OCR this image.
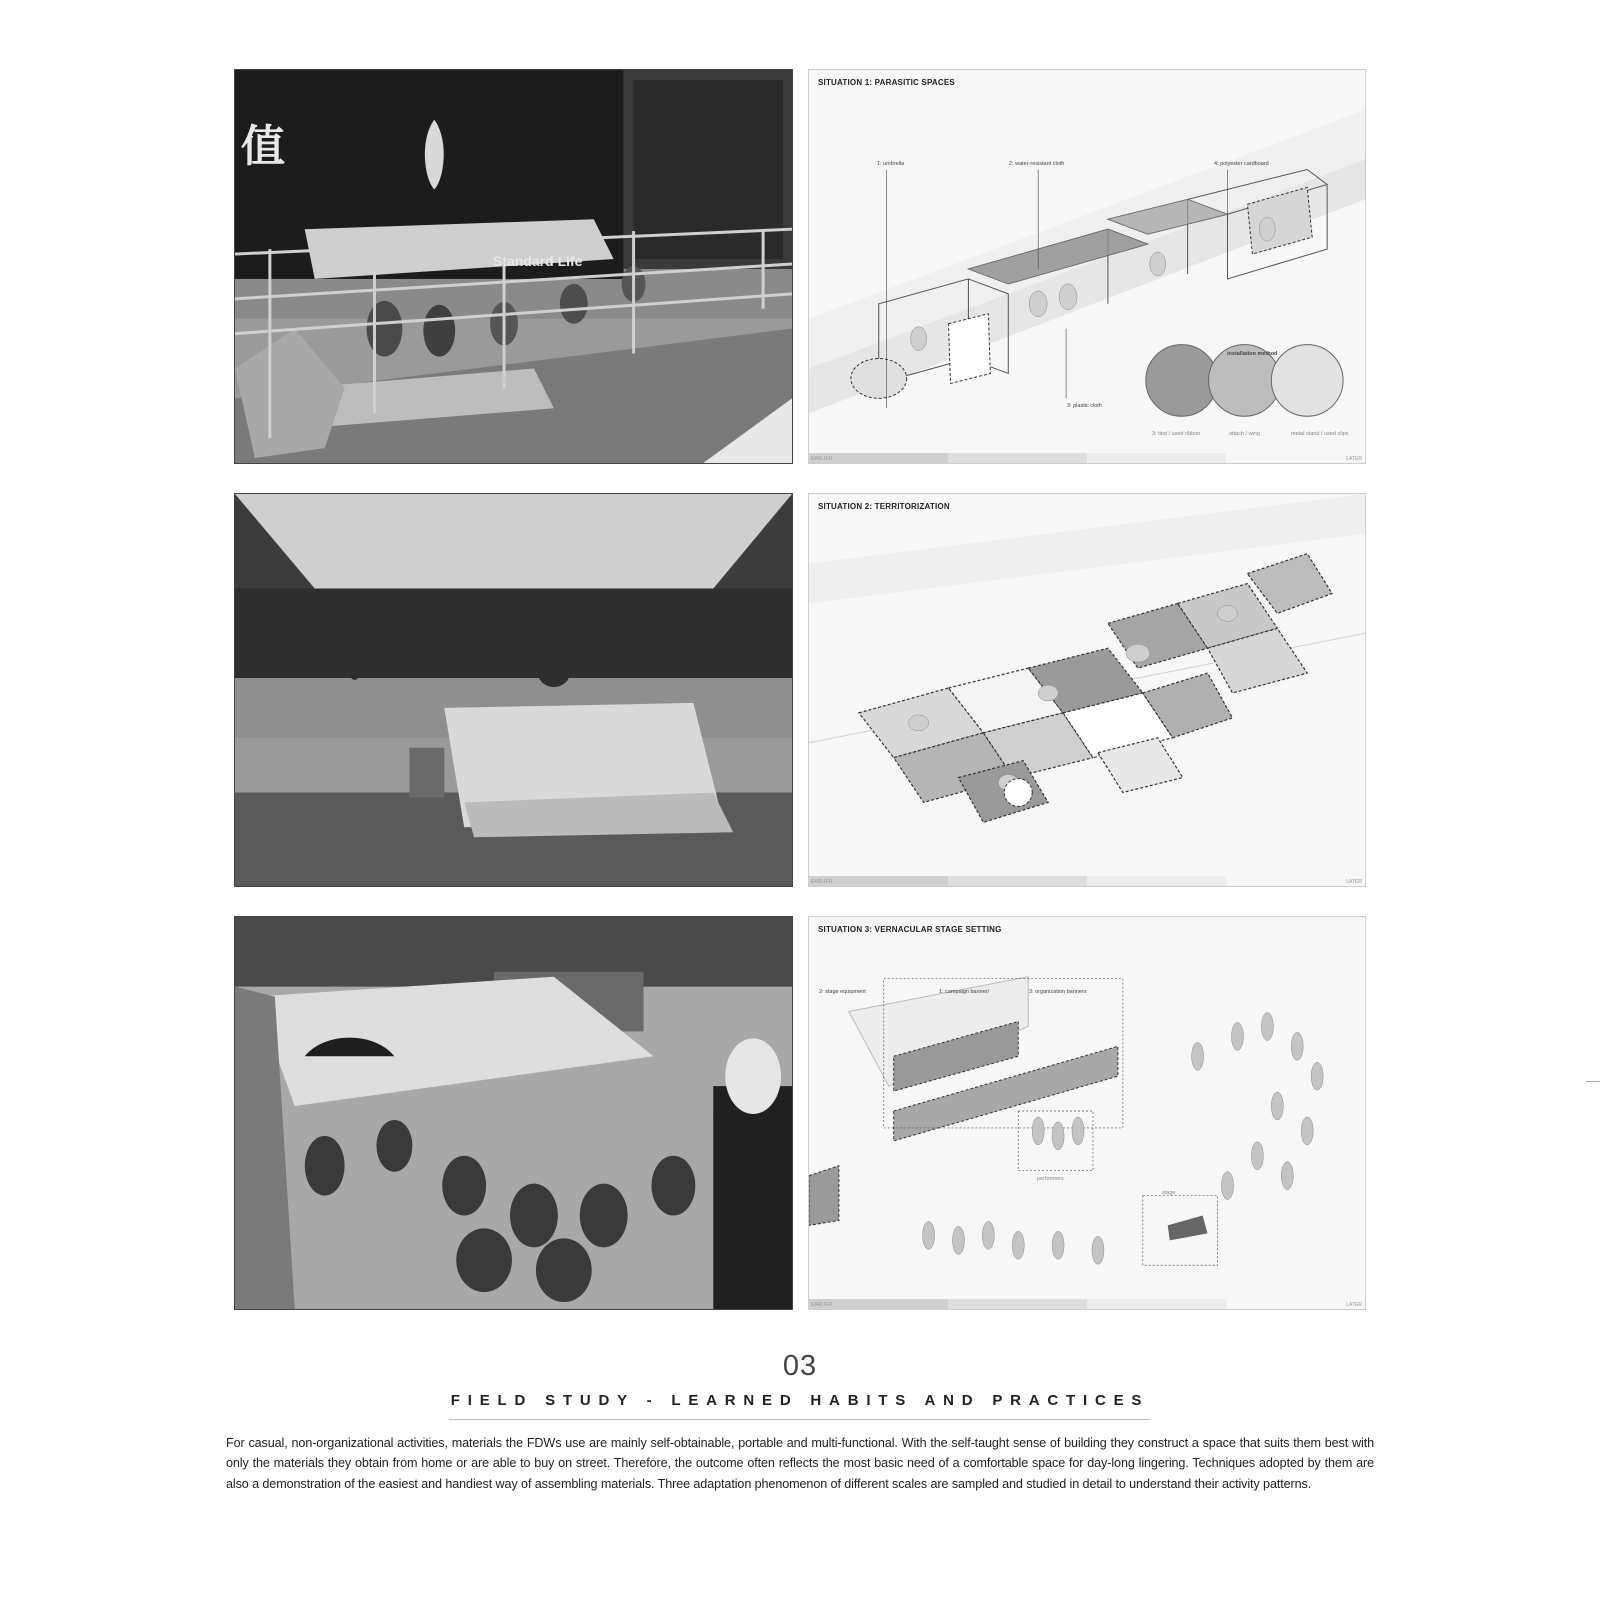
值
Standard Life
SITUATION 1: PARASITIC SPACES
1: umbrella	2: water-resistant cloth	4: polyester cardboard
3: plastic cloth
installation method
3: tied / used ribbon	attach / wing	metal stand / used clips
EARLIER	LATER
SITUATION 2: TERRITORIZATION
EARLIER	LATER
SITUATION 3: VERNACULAR STAGE SETTING
2: stage equipment	1: campaign banner/	3: organization banners
stage
performers
EARLIER	LATER
03
FIELD STUDY - LEARNED HABITS AND PRACTICES

For casual, non-organizational activities, materials the FDWs use are mainly self-obtainable, portable and multi-functional. With the self-taught sense of building they construct a space that suits them best with only the materials they obtain from home or are able to buy on street. Therefore, the outcome often reflects the most basic need of a comfortable space for day-long lingering. Techniques adopted by them are also a demonstration of the easiest and handiest way of assembling materials. Three adaptation phenomenon of different scales are sampled and studied in detail to understand their activity patterns.
